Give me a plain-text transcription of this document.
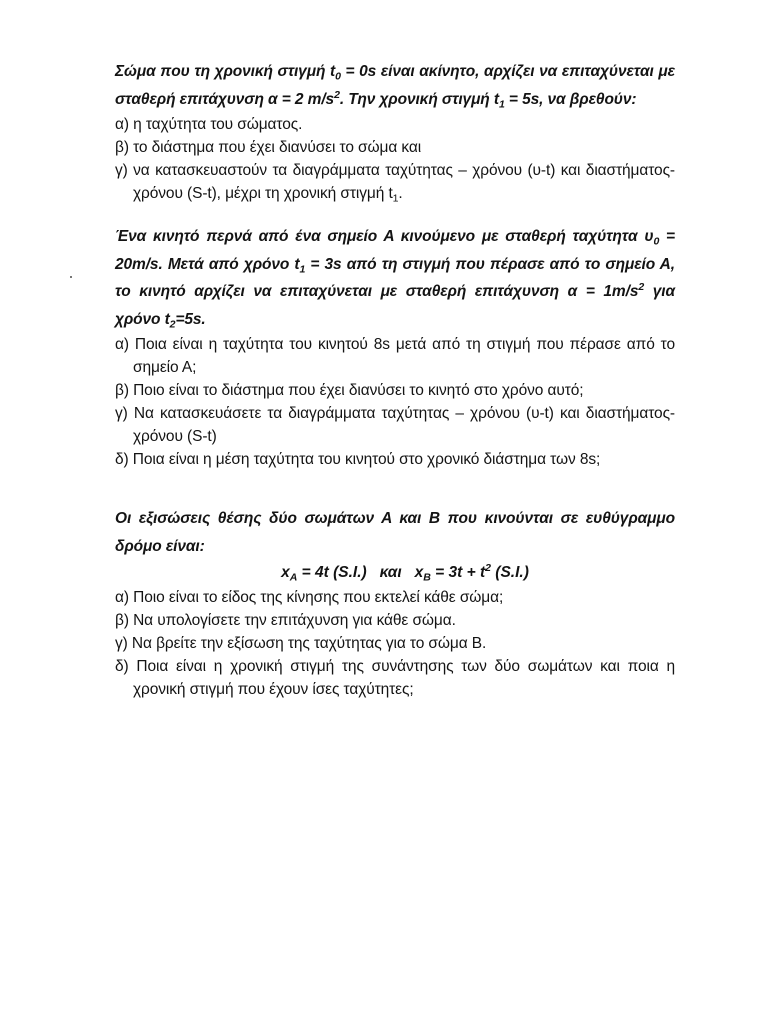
Σώμα που τη χρονική στιγμή $t_0 = 0s$ είναι ακίνητο, αρχίζει να επιταχύνεται με σταθερή επιτάχυνση α = 2 $m/s^2$. Την χρονική στιγμή $t_1 = 5s$, να βρεθούν:
α) η ταχύτητα του σώματος.
β) το διάστημα που έχει διανύσει το σώμα και
γ) να κατασκευαστούν τα διαγράμματα ταχύτητας – χρόνου (υ-t) και διαστήματος-χρόνου (S-t), μέχρι τη χρονική στιγμή $t_1$.
Ένα κινητό περνά από ένα σημείο Α κινούμενο με σταθερή ταχύτητα $\upsilon_0 = 20m/s$. Μετά από χρόνο $t_1 = 3s$ από τη στιγμή που πέρασε από το σημείο Α, το κινητό αρχίζει να επιταχύνεται με σταθερή επιτάχυνση $\alpha = 1m/s^2$ για χρόνο $t_2=5s$.
α) Ποια είναι η ταχύτητα του κινητού 8s μετά από τη στιγμή που πέρασε από το σημείο Α;
β) Ποιο είναι το διάστημα που έχει διανύσει το κινητό στο χρόνο αυτό;
γ) Να κατασκευάσετε τα διαγράμματα ταχύτητας – χρόνου (υ-t) και διαστήματος-χρόνου (S-t)
δ) Ποια είναι η μέση ταχύτητα του κινητού στο χρονικό διάστημα των 8s;
Οι εξισώσεις θέσης δύο σωμάτων Α και Β που κινούνται σε ευθύγραμμο δρόμο είναι:
$x_A = 4t$ (S.I.)   και   $x_B = 3t + t^2$ (S.I.)
α) Ποιο είναι το είδος της κίνησης που εκτελεί κάθε σώμα;
β) Να υπολογίσετε την επιτάχυνση για κάθε σώμα.
γ) Να βρείτε την εξίσωση της ταχύτητας για το σώμα Β.
δ) Ποια είναι η χρονική στιγμή της συνάντησης των δύο σωμάτων και ποια η χρονική στιγμή που έχουν ίσες ταχύτητες;
